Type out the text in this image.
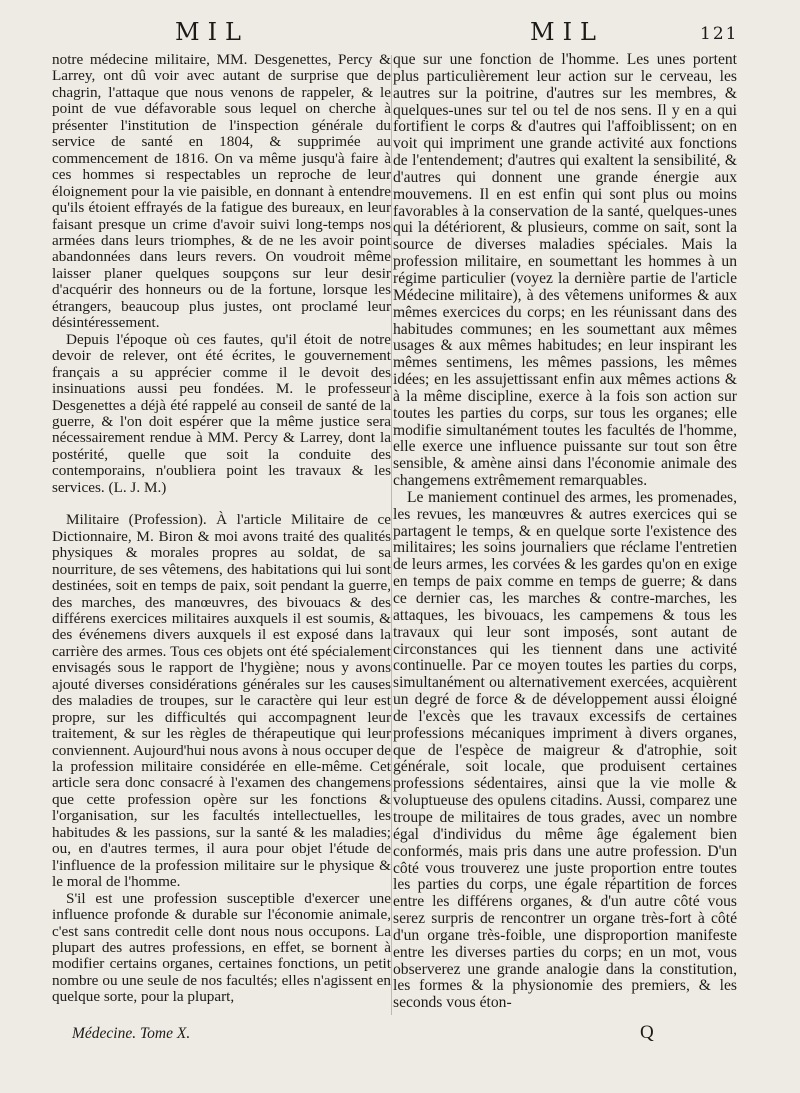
MIL	MIL	121

notre médecine militaire, MM. Desgenettes, Percy & Larrey, ont dû voir avec autant de surprise que de chagrin, l'attaque que nous venons de rappeler, & le point de vue défavorable sous lequel on cherche à présenter l'institution de l'inspection générale du service de santé en 1804, & supprimée au commencement de 1816. On va même jusqu'à faire à ces hommes si respectables un reproche de leur éloignement pour la vie paisible, en donnant à entendre qu'ils étoient effrayés de la fatigue des bureaux, en leur faisant presque un crime d'avoir suivi long-temps nos armées dans leurs triomphes, & de ne les avoir point abandonnées dans leurs revers. On voudroit même laisser planer quelques soupçons sur leur desir d'acquérir des honneurs ou de la fortune, lorsque les étrangers, beaucoup plus justes, ont proclamé leur désintéressement.

Depuis l'époque où ces fautes, qu'il étoit de notre devoir de relever, ont été écrites, le gouvernement français a su apprécier comme il le devoit des insinuations aussi peu fondées. M. le professeur Desgenettes a déjà été rappelé au conseil de santé de la guerre, & l'on doit espérer que la même justice sera nécessairement rendue à MM. Percy & Larrey, dont la postérité, quelle que soit la conduite des contemporains, n'oubliera point les travaux & les services. (L. J. M.)

Militaire (Profession). À l'article Militaire de ce Dictionnaire, M. Biron & moi avons traité des qualités physiques & morales propres au soldat, de sa nourriture, de ses vêtemens, des habitations qui lui sont destinées, soit en temps de paix, soit pendant la guerre, des marches, des manœuvres, des bivouacs & des différens exercices militaires auxquels il est soumis, & des événemens divers auxquels il est exposé dans la carrière des armes. Tous ces objets ont été spécialement envisagés sous le rapport de l'hygiène; nous y avons ajouté diverses considérations générales sur les causes des maladies de troupes, sur le caractère qui leur est propre, sur les difficultés qui accompagnent leur traitement, & sur les règles de thérapeutique qui leur conviennent. Aujourd'hui nous avons à nous occuper de la profession militaire considérée en elle-même. Cet article sera donc consacré à l'examen des changemens que cette profession opère sur les fonctions & l'organisation, sur les facultés intellectuelles, les habitudes & les passions, sur la santé & les maladies; ou, en d'autres termes, il aura pour objet l'étude de l'influence de la profession militaire sur le physique & le moral de l'homme.

S'il est une profession susceptible d'exercer une influence profonde & durable sur l'économie animale, c'est sans contredit celle dont nous nous occupons. La plupart des autres professions, en effet, se bornent à modifier certains organes, certaines fonctions, un petit nombre ou une seule de nos facultés; elles n'agissent en quelque sorte, pour la plupart,

que sur une fonction de l'homme. Les unes portent plus particulièrement leur action sur le cerveau, les autres sur la poitrine, d'autres sur les membres, & quelques-unes sur tel ou tel de nos sens. Il y en a qui fortifient le corps & d'autres qui l'affoiblissent; on en voit qui impriment une grande activité aux fonctions de l'entendement; d'autres qui exaltent la sensibilité, & d'autres qui donnent une grande énergie aux mouvemens. Il en est enfin qui sont plus ou moins favorables à la conservation de la santé, quelques-unes qui la détériorent, & plusieurs, comme on sait, sont la source de diverses maladies spéciales. Mais la profession militaire, en soumettant les hommes à un régime particulier (voyez la dernière partie de l'article Médecine militaire), à des vêtemens uniformes & aux mêmes exercices du corps; en les réunissant dans des habitudes communes; en les soumettant aux mêmes usages & aux mêmes habitudes; en leur inspirant les mêmes sentimens, les mêmes passions, les mêmes idées; en les assujettissant enfin aux mêmes actions & à la même discipline, exerce à la fois son action sur toutes les parties du corps, sur tous les organes; elle modifie simultanément toutes les facultés de l'homme, elle exerce une influence puissante sur tout son être sensible, & amène ainsi dans l'économie animale des changemens extrêmement remarquables.

Le maniement continuel des armes, les promenades, les revues, les manœuvres & autres exercices qui se partagent le temps, & en quelque sorte l'existence des militaires; les soins journaliers que réclame l'entretien de leurs armes, les corvées & les gardes qu'on en exige en temps de paix comme en temps de guerre; & dans ce dernier cas, les marches & contre-marches, les attaques, les bivouacs, les campemens & tous les travaux qui leur sont imposés, sont autant de circonstances qui les tiennent dans une activité continuelle. Par ce moyen toutes les parties du corps, simultanément ou alternativement exercées, acquièrent un degré de force & de développement aussi éloigné de l'excès que les travaux excessifs de certaines professions mécaniques impriment à divers organes, que de l'espèce de maigreur & d'atrophie, soit générale, soit locale, que produisent certaines professions sédentaires, ainsi que la vie molle & voluptueuse des opulens citadins. Aussi, comparez une troupe de militaires de tous grades, avec un nombre égal d'individus du même âge également bien conformés, mais pris dans une autre profession. D'un côté vous trouverez une juste proportion entre toutes les parties du corps, une égale répartition de forces entre les différens organes, & d'un autre côté vous serez surpris de rencontrer un organe très-fort à côté d'un organe très-foible, une disproportion manifeste entre les diverses parties du corps; en un mot, vous observerez une grande analogie dans la constitution, les formes & la physionomie des premiers, & les seconds vous éton-

Médecine. Tome X.	Q
